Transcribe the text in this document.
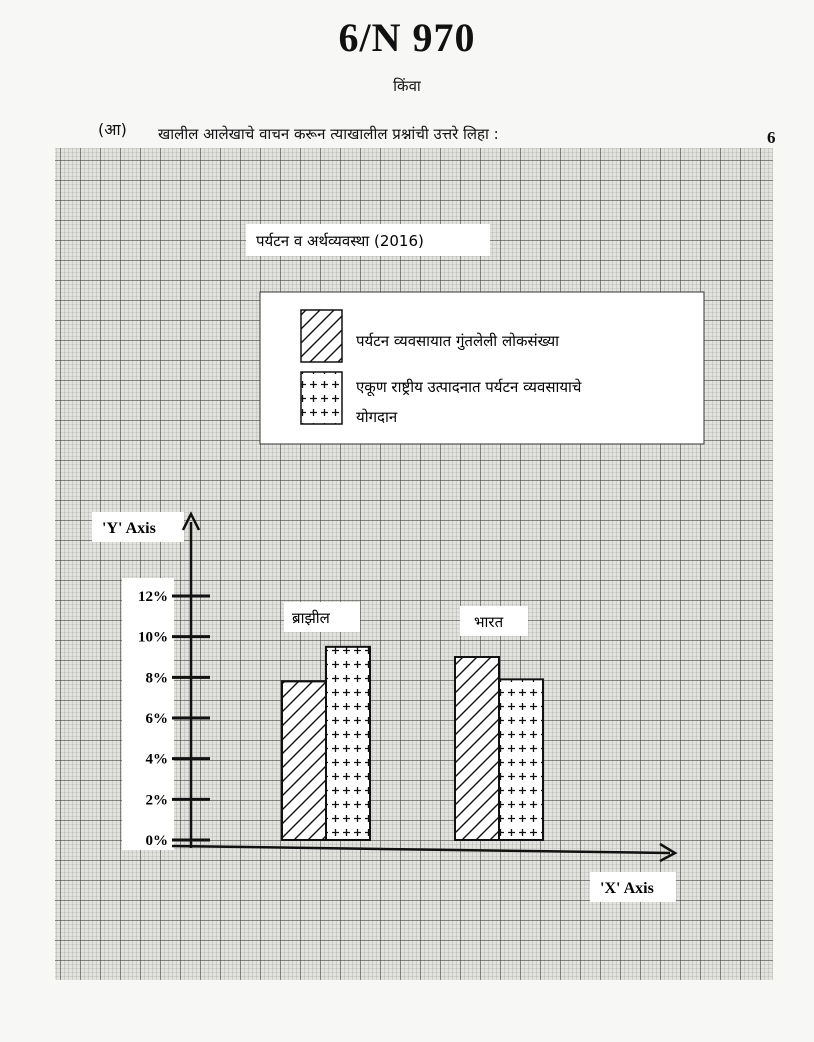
6/N 970
किंवा
(आ) खालील आलेखाचे वाचन करून त्याखालील प्रश्नांची उत्तरे लिहा :	6
पर्यटन व अर्थव्यवस्था (2016)
पर्यटन व्यवसायात गुंतलेली लोकसंख्या
एकूण राष्ट्रीय उत्पादनात पर्यटन व्यवसायाचे
योगदान
'Y' Axis
0%
2%
4%
6%
8%
10%
12%
ब्राझील	भारत
'X' Axis
